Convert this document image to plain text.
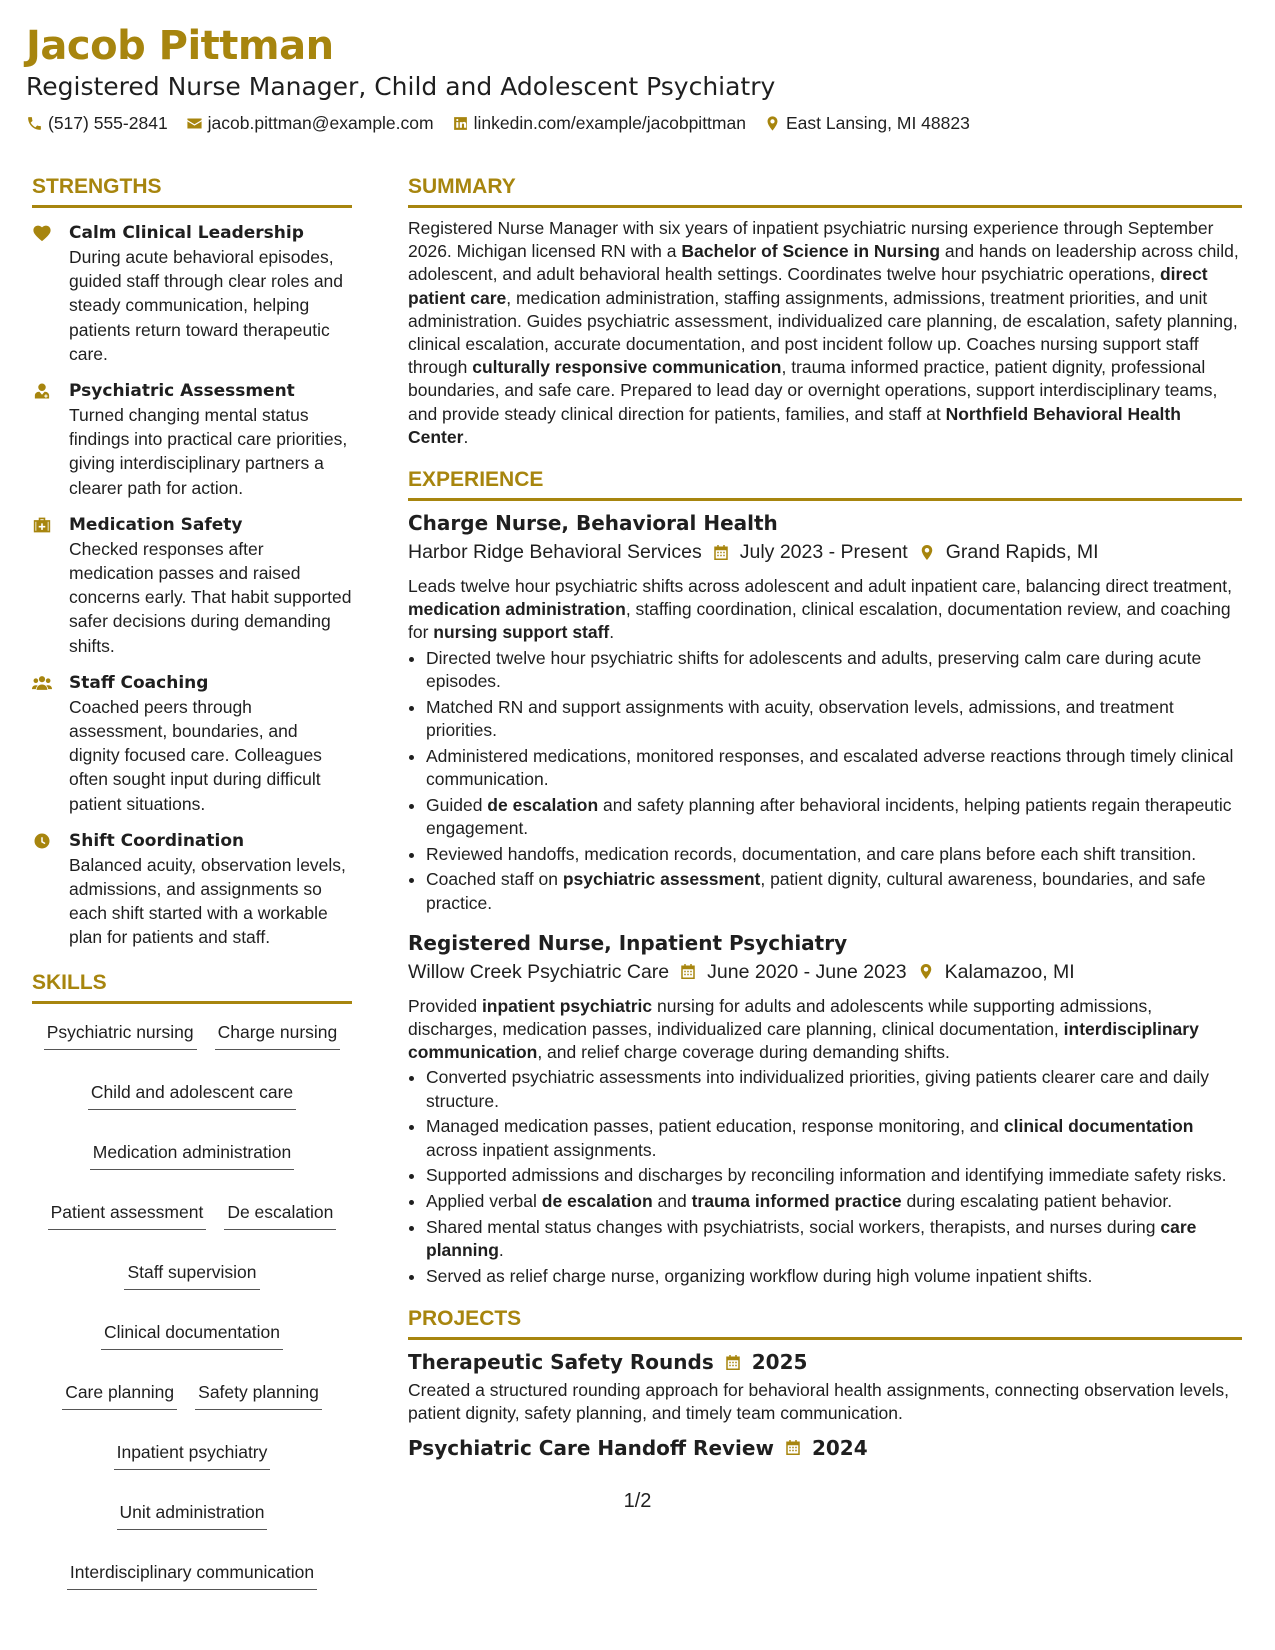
Jacob Pittman

Registered Nurse Manager, Child and Adolescent Psychiatry

(517) 555-2841 jacob.pittman@example.com linkedin.com/example/jacobpittman East Lansing, MI 48823
STRENGTHS
Calm Clinical Leadership
During acute behavioral episodes, guided staff through clear roles and steady communication, helping patients return toward therapeutic care.
Psychiatric Assessment
Turned changing mental status findings into practical care priorities, giving interdisciplinary partners a clearer path for action.
Medication Safety
Checked responses after medication passes and raised concerns early. That habit supported safer decisions during demanding shifts.
Staff Coaching
Coached peers through assessment, boundaries, and dignity focused care. Colleagues often sought input during difficult patient situations.
Shift Coordination
Balanced acuity, observation levels, admissions, and assignments so each shift started with a workable plan for patients and staff.
SKILLS
Psychiatric nursing Charge nursing
Child and adolescent care
Medication administration
Patient assessment De escalation
Staff supervision
Clinical documentation
Care planning Safety planning
Inpatient psychiatry
Unit administration
Interdisciplinary communication
SUMMARY

Registered Nurse Manager with six years of inpatient psychiatric nursing experience through September 2026. Michigan licensed RN with a Bachelor of Science in Nursing and hands on leadership across child, adolescent, and adult behavioral health settings. Coordinates twelve hour psychiatric operations, direct patient care, medication administration, staffing assignments, admissions, treatment priorities, and unit administration. Guides psychiatric assessment, individualized care planning, de escalation, safety planning, clinical escalation, accurate documentation, and post incident follow up. Coaches nursing support staff through culturally responsive communication, trauma informed practice, patient dignity, professional boundaries, and safe care. Prepared to lead day or overnight operations, support interdisciplinary teams, and provide steady clinical direction for patients, families, and staff at Northfield Behavioral Health Center.

EXPERIENCE
Charge Nurse, Behavioral Health
Harbor Ridge Behavioral Services July 2023 - Present Grand Rapids, MI
Leads twelve hour psychiatric shifts across adolescent and adult inpatient care, balancing direct treatment, medication administration, staffing coordination, clinical escalation, documentation review, and coaching for nursing support staff.
• Directed twelve hour psychiatric shifts for adolescents and adults, preserving calm care during acute episodes.
• Matched RN and support assignments with acuity, observation levels, admissions, and treatment priorities.
• Administered medications, monitored responses, and escalated adverse reactions through timely clinical communication.
• Guided de escalation and safety planning after behavioral incidents, helping patients regain therapeutic engagement.
• Reviewed handoffs, medication records, documentation, and care plans before each shift transition.
• Coached staff on psychiatric assessment, patient dignity, cultural awareness, boundaries, and safe practice.
Registered Nurse, Inpatient Psychiatry
Willow Creek Psychiatric Care June 2020 - June 2023 Kalamazoo, MI
Provided inpatient psychiatric nursing for adults and adolescents while supporting admissions, discharges, medication passes, individualized care planning, clinical documentation, interdisciplinary communication, and relief charge coverage during demanding shifts.
• Converted psychiatric assessments into individualized priorities, giving patients clearer care and daily structure.
• Managed medication passes, patient education, response monitoring, and clinical documentation across inpatient assignments.
• Supported admissions and discharges by reconciling information and identifying immediate safety risks.
• Applied verbal de escalation and trauma informed practice during escalating patient behavior.
• Shared mental status changes with psychiatrists, social workers, therapists, and nurses during care planning.
• Served as relief charge nurse, organizing workflow during high volume inpatient shifts.
PROJECTS
Therapeutic Safety Rounds 2025
Created a structured rounding approach for behavioral health assignments, connecting observation levels, patient dignity, safety planning, and timely team communication.
Psychiatric Care Handoff Review 2024
1/2
